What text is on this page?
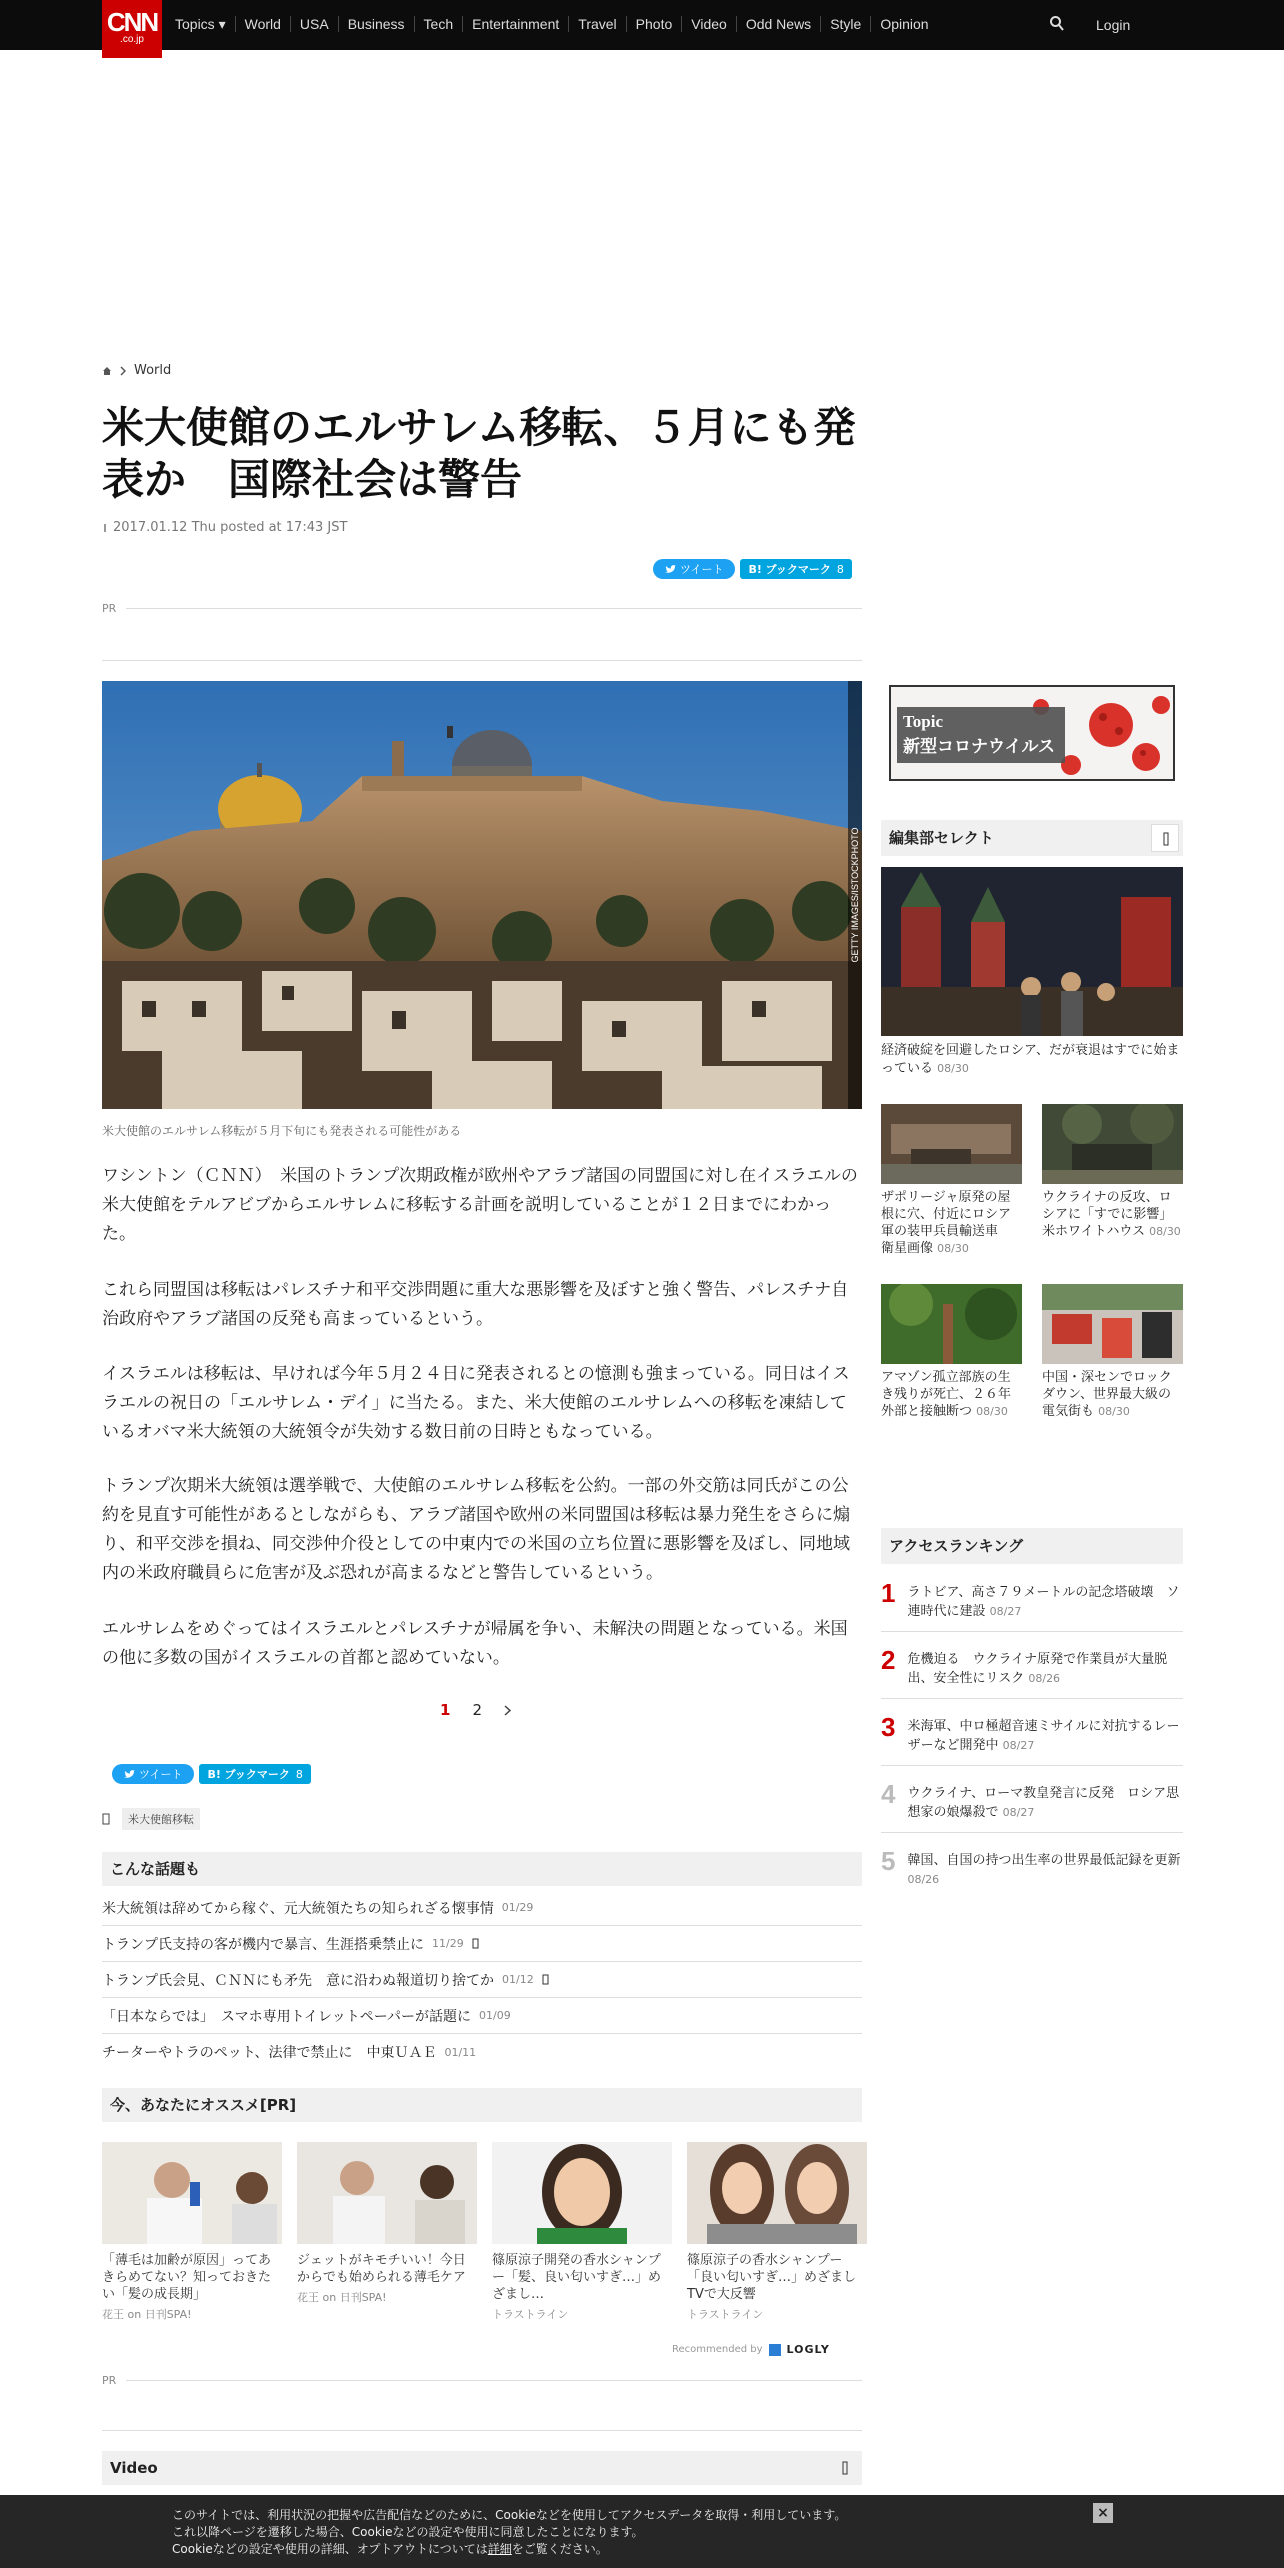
CNN
.co.jp
Topics ▾	World	USA	Business	Tech	Entertainment	Travel	Photo	Video	Odd News	Style	Opinion	Login
World
米大使館のエルサレム移転、５月にも発表か　国際社会は警告
2017.01.12 Thu posted at 17:43 JST
ツイート B! ブックマーク 8
PR
GETTY IMAGES/ISTOCKPHOTO
米大使館のエルサレム移転が５月下旬にも発表される可能性がある

ワシントン（ＣＮＮ）　米国のトランプ次期政権が欧州やアラブ諸国の同盟国に対し在イスラエルの米大使館をテルアビブからエルサレムに移転する計画を説明していることが１２日までにわかった。

これら同盟国は移転はパレスチナ和平交渉問題に重大な悪影響を及ぼすと強く警告、パレスチナ自治政府やアラブ諸国の反発も高まっているという。

イスラエルは移転は、早ければ今年５月２４日に発表されるとの憶測も強まっている。同日はイスラエルの祝日の「エルサレム・デイ」に当たる。また、米大使館のエルサレムへの移転を凍結しているオバマ米大統領の大統領令が失効する数日前の日時ともなっている。

トランプ次期米大統領は選挙戦で、大使館のエルサレム移転を公約。一部の外交筋は同氏がこの公約を見直す可能性があるとしながらも、アラブ諸国や欧州の米同盟国は移転は暴力発生をさらに煽り、和平交渉を損ね、同交渉仲介役としての中東内での米国の立ち位置に悪影響を及ぼし、同地域内の米政府職員らに危害が及ぶ恐れが高まるなどと警告しているという。

エルサレムをめぐってはイスラエルとパレスチナが帰属を争い、未解決の問題となっている。米国の他に多数の国がイスラエルの首都と認めていない。

1 2
ツイート B! ブックマーク 8
米大使館移転
こんな話題も
米大統領は辞めてから稼ぐ、元大統領たちの知られざる懐事情 01/29
トランプ氏支持の客が機内で暴言、生涯搭乗禁止に 11/29
トランプ氏会見、ＣＮＮにも矛先　意に沿わぬ報道切り捨てか 01/12
「日本ならでは」　スマホ専用トイレットペーパーが話題に 01/09
チーターやトラのペット、法律で禁止に　中東ＵＡＥ 01/11
今、あなたにオススメ[PR]
「薄毛は加齢が原因」ってあきらめてない？知っておきたい「髪の成長期」
花王 on 日刊SPA!
ジェットがキモチいい！今日からでも始められる薄毛ケア
花王 on 日刊SPA!
篠原涼子開発の香水シャンプー「髪、良い匂いすぎ…」めざまし…
トラストライン
篠原涼子の香水シャンプー「良い匂いすぎ…」めざましTVで大反響
トラストライン
Recommended by LOGLY
PR
Video
Topic
新型コロナウイルス
編集部セレクト
経済破綻を回避したロシア、だが衰退はすでに始まっている 08/30
ザポリージャ原発の屋根に穴、付近にロシア軍の装甲兵員輸送車　衛星画像 08/30
ウクライナの反攻、ロシアに「すでに影響」米ホワイトハウス 08/30
アマゾン孤立部族の生き残りが死亡、２６年外部と接触断つ 08/30
中国・深センでロックダウン、世界最大級の電気街も 08/30
アクセスランキング
1 ラトビア、高さ７９メートルの記念塔破壊　ソ連時代に建設 08/27
2 危機迫る　ウクライナ原発で作業員が大量脱出、安全性にリスク 08/26
3 米海軍、中ロ極超音速ミサイルに対抗するレーザーなど開発中 08/27
4 ウクライナ、ローマ教皇発言に反発　ロシア思想家の娘爆殺で 08/27
5 韓国、自国の持つ出生率の世界最低記録を更新 08/26
このサイトでは、利用状況の把握や広告配信などのために、Cookieなどを使用してアクセスデータを取得・利用しています。
これ以降ページを遷移した場合、Cookieなどの設定や使用に同意したことになります。
Cookieなどの設定や使用の詳細、オプトアウトについては詳細をご覧ください。
×
